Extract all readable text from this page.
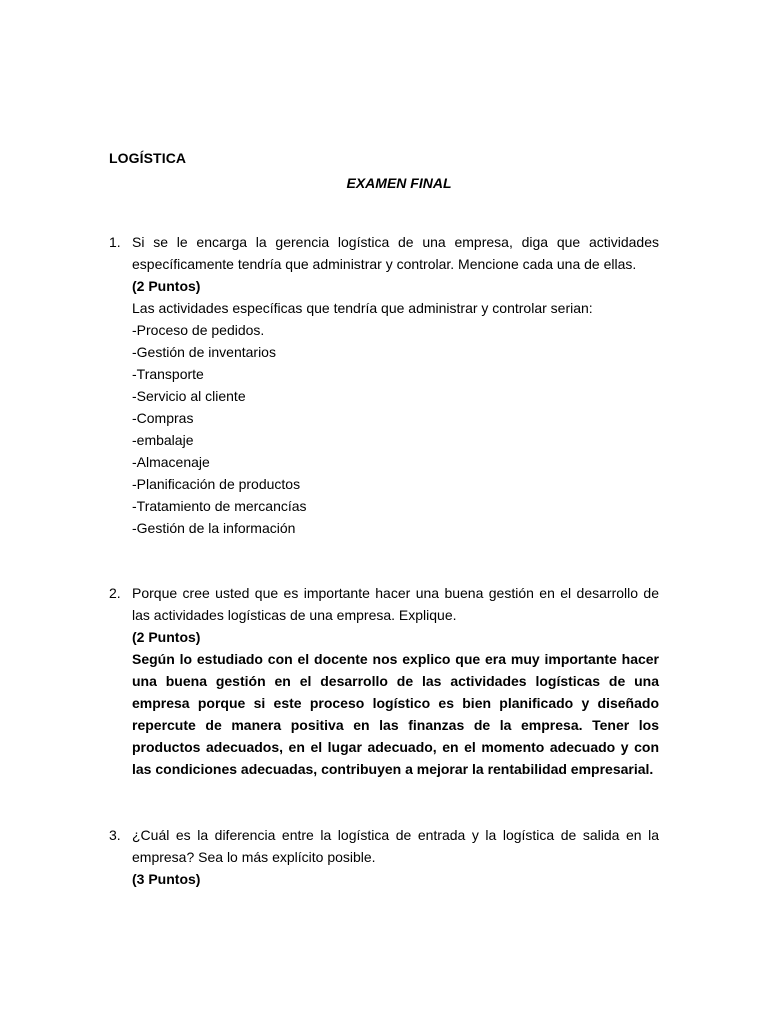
LOGÍSTICA
EXAMEN FINAL
1. Si se le encarga la gerencia logística de una empresa, diga que actividades específicamente tendría que administrar y controlar. Mencione cada una de ellas.
(2 Puntos)
Las actividades específicas que tendría que administrar y controlar serian:
-Proceso de pedidos.
-Gestión de inventarios
-Transporte
-Servicio al cliente
-Compras
-embalaje
-Almacenaje
-Planificación de productos
-Tratamiento de mercancías
-Gestión de la información
2. Porque cree usted que es importante hacer una buena gestión en el desarrollo de las actividades logísticas de una empresa. Explique.
(2 Puntos)
Según lo estudiado con el docente nos explico que era muy importante hacer una buena gestión en el desarrollo de las actividades logísticas de una empresa porque si este proceso logístico es bien planificado y diseñado repercute de manera positiva en las finanzas de la empresa. Tener los productos adecuados, en el lugar adecuado, en el momento adecuado y con las condiciones adecuadas, contribuyen a mejorar la rentabilidad empresarial.
3. ¿Cuál es la diferencia entre la logística de entrada y la logística de salida en la empresa? Sea lo más explícito posible.
(3 Puntos)
